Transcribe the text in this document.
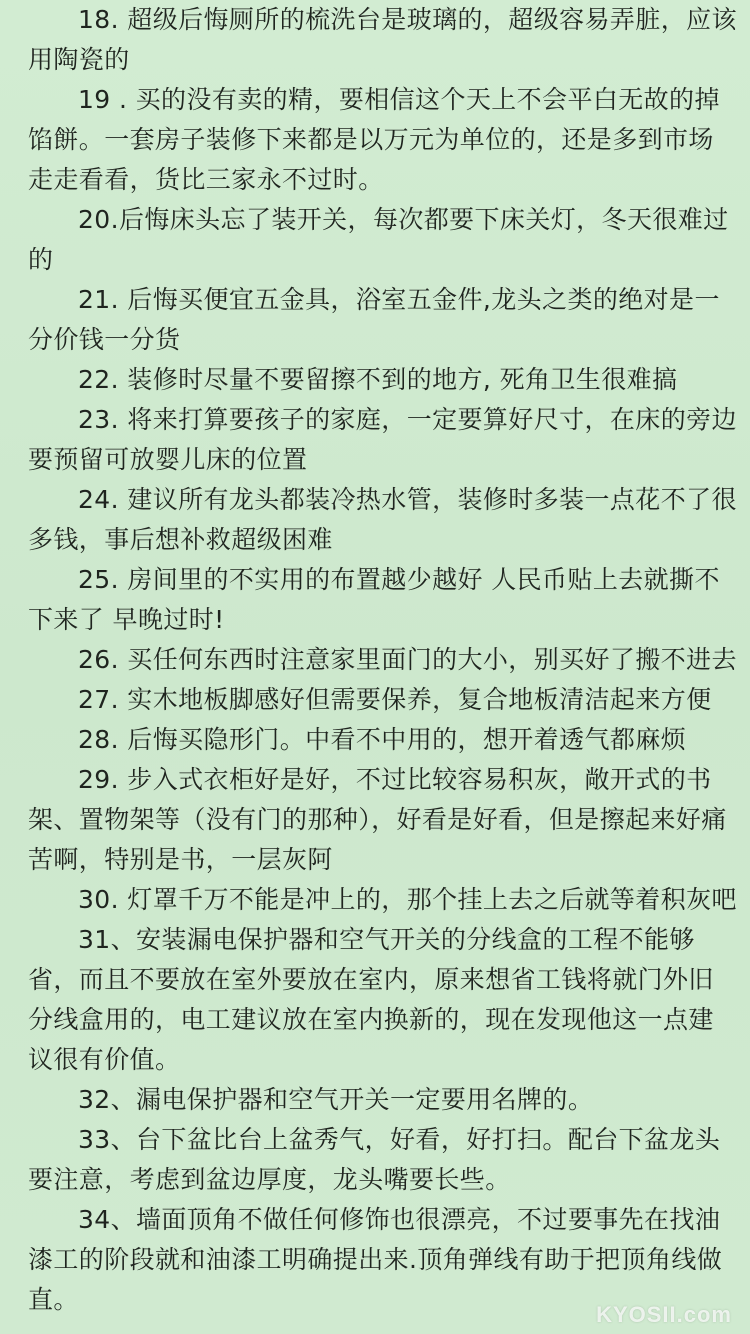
18. 超级后悔厕所的梳洗台是玻璃的，超级容易弄脏，应该用陶瓷的

19 . 买的没有卖的精，要相信这个天上不会平白无故的掉馅餅。一套房子装修下来都是以万元为单位的，还是多到市场走走看看，货比三家永不过时。

20.后悔床头忘了装开关，每次都要下床关灯，冬天很难过的

21. 后悔买便宜五金具，浴室五金件,龙头之类的绝对是一分价钱一分货

22. 装修时尽量不要留擦不到的地方, 死角卫生很难搞

23. 将来打算要孩子的家庭，一定要算好尺寸，在床的旁边要预留可放婴儿床的位置

24. 建议所有龙头都装冷热水管，装修时多装一点花不了很多钱，事后想补救超级困难

25. 房间里的不实用的布置越少越好 人民币贴上去就撕不下来了 早晚过时!

26. 买任何东西时注意家里面门的大小，别买好了搬不进去

27. 实木地板脚感好但需要保养，复合地板清洁起来方便

28. 后悔买隐形门。中看不中用的，想开着透气都麻烦

29. 步入式衣柜好是好，不过比较容易积灰，敞开式的书架、置物架等（没有门的那种），好看是好看，但是擦起来好痛苦啊，特别是书，一层灰阿

30. 灯罩千万不能是冲上的，那个挂上去之后就等着积灰吧

31、安装漏电保护器和空气开关的分线盒的工程不能够省，而且不要放在室外要放在室内，原来想省工钱将就门外旧分线盒用的，电工建议放在室内换新的，现在发现他这一点建议很有价值。

32、漏电保护器和空气开关一定要用名牌的。

33、台下盆比台上盆秀气，好看，好打扫。配台下盆龙头要注意，考虑到盆边厚度，龙头嘴要长些。

34、墙面顶角不做任何修饰也很漂亮，不过要事先在找油漆工的阶段就和油漆工明确提出来.顶角弹线有助于把顶角线做直。

KYOSII.com
